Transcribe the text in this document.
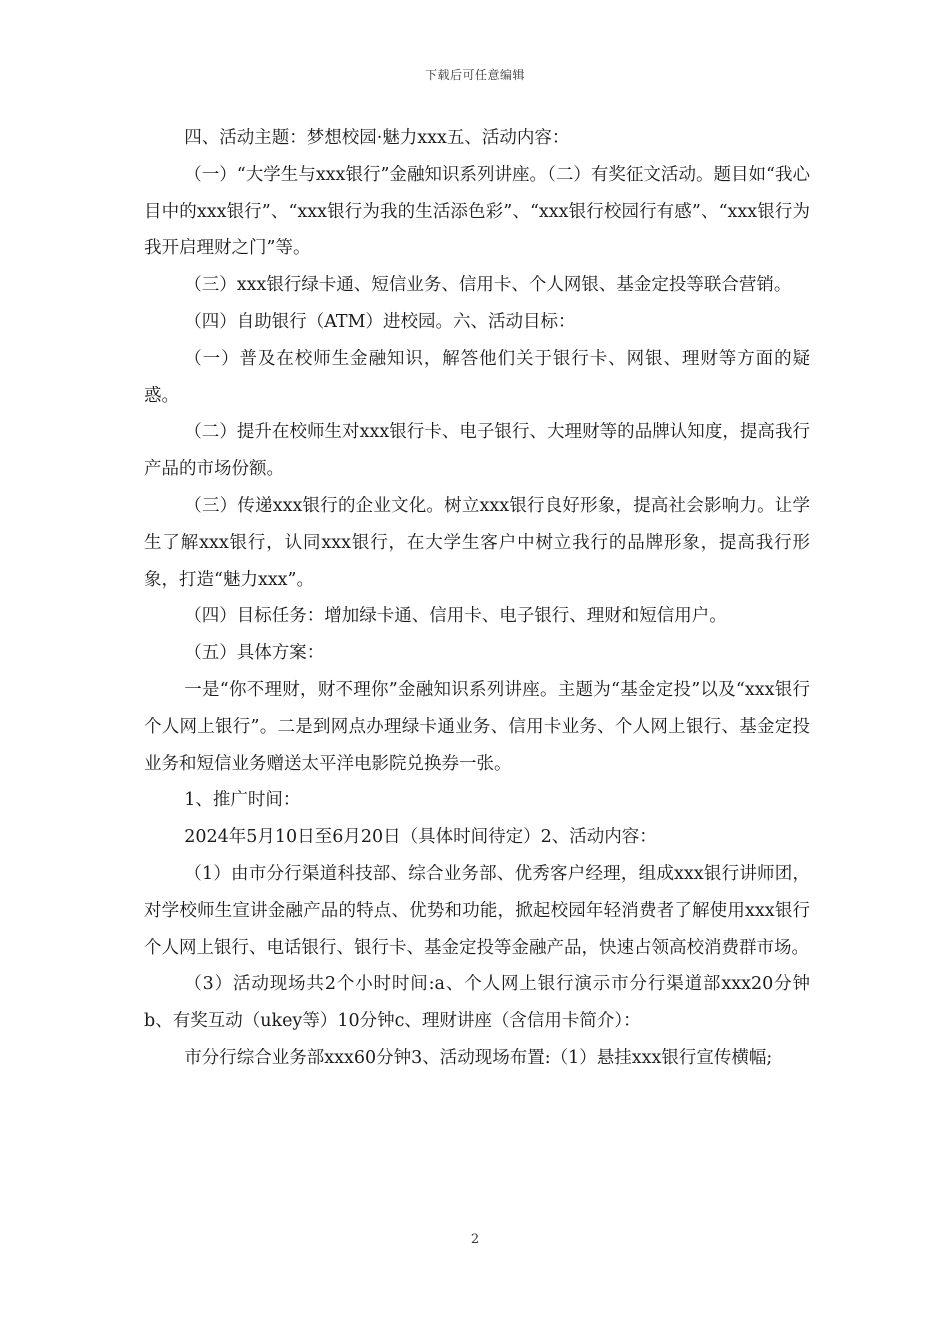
下载后可任意编辑

四、活动主题：梦想校园·魅力xxx五、活动内容：

（一）“大学生与xxx银行”金融知识系列讲座。（二）有奖征文活动。题目如“我心目中的xxx银行”、“xxx银行为我的生活添色彩”、“xxx银行校园行有感”、“xxx银行为我开启理财之门”等。

（三）xxx银行绿卡通、短信业务、信用卡、个人网银、基金定投等联合营销。

（四）自助银行（ATM）进校园。六、活动目标：

（一）普及在校师生金融知识，解答他们关于银行卡、网银、理财等方面的疑惑。

（二）提升在校师生对xxx银行卡、电子银行、大理财等的品牌认知度，提高我行产品的市场份额。

（三）传递xxx银行的企业文化。树立xxx银行良好形象，提高社会影响力。让学生了解xxx银行，认同xxx银行，在大学生客户中树立我行的品牌形象，提高我行形象，打造“魅力xxx”。

（四）目标任务：增加绿卡通、信用卡、电子银行、理财和短信用户。

（五）具体方案：

一是“你不理财，财不理你”金融知识系列讲座。主题为“基金定投”以及“xxx银行个人网上银行”。二是到网点办理绿卡通业务、信用卡业务、个人网上银行、基金定投业务和短信业务赠送太平洋电影院兑换券一张。

1、推广时间：

2024年5月10日至6月20日（具体时间待定）2、活动内容：

（1）由市分行渠道科技部、综合业务部、优秀客户经理，组成xxx银行讲师团，对学校师生宣讲金融产品的特点、优势和功能，掀起校园年轻消费者了解使用xxx银行个人网上银行、电话银行、银行卡、基金定投等金融产品，快速占领高校消费群市场。

（3）活动现场共2个小时时间:a、个人网上银行演示市分行渠道部xxx20分钟b、有奖互动（ukey等）10分钟c、理财讲座（含信用卡简介）：

市分行综合业务部xxx60分钟3、活动现场布置:（1）悬挂xxx银行宣传横幅;

2
